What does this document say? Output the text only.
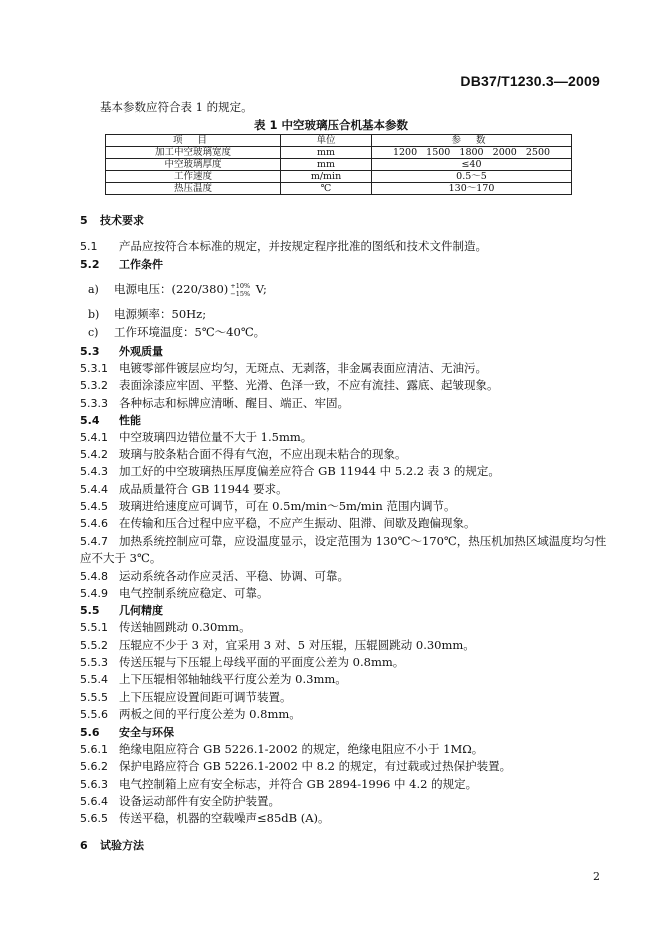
DB37/T1230.3—2009
基本参数应符合表 1 的规定。
表 1 中空玻璃压合机基本参数
项 目	单位	参 数
加工中空玻璃宽度	mm	1200   1500   1800   2000   2500
中空玻璃厚度	mm	≤40
工作速度	m/min	0.5～5
热压温度	℃	130～170
5 技术要求
5.1 产品应按符合本标准的规定，并按规定程序批准的图纸和技术文件制造。
5.2 工作条件
a) 电源电压：(220/380) +10%
−15% V;
b) 电源频率：50Hz;
c) 工作环境温度：5℃～40℃。
5.3 外观质量
5.3.1 电镀零部件镀层应均匀，无斑点、无剥落，非金属表面应清洁、无油污。
5.3.2 表面涂漆应牢固、平整、光滑、色泽一致，不应有流挂、露底、起皱现象。
5.3.3 各种标志和标牌应清晰、醒目、端正、牢固。
5.4 性能
5.4.1 中空玻璃四边错位量不大于 1.5mm。
5.4.2 玻璃与胶条粘合面不得有气泡，不应出现未粘合的现象。
5.4.3 加工好的中空玻璃热压厚度偏差应符合 GB 11944 中 5.2.2 表 3 的规定。
5.4.4 成品质量符合 GB 11944 要求。
5.4.5 玻璃进给速度应可调节，可在 0.5m/min～5m/min 范围内调节。
5.4.6 在传输和压合过程中应平稳，不应产生振动、阻滞、间歇及跑偏现象。
5.4.7 加热系统控制应可靠，应设温度显示，设定范围为 130℃～170℃，热压机加热区域温度均匀性
应不大于 3℃。
5.4.8 运动系统各动作应灵活、平稳、协调、可靠。
5.4.9 电气控制系统应稳定、可靠。
5.5 几何精度
5.5.1 传送轴圆跳动 0.30mm。
5.5.2 压辊应不少于 3 对，宜采用 3 对、5 对压辊，压辊圆跳动 0.30mm。
5.5.3 传送压辊与下压辊上母线平面的平面度公差为 0.8mm。
5.5.4 上下压辊相邻轴轴线平行度公差为 0.3mm。
5.5.5 上下压辊应设置间距可调节装置。
5.5.6 两板之间的平行度公差为 0.8mm。
5.6 安全与环保
5.6.1 绝缘电阻应符合 GB 5226.1-2002 的规定，绝缘电阻应不小于 1MΩ。
5.6.2 保护电路应符合 GB 5226.1-2002 中 8.2 的规定，有过载或过热保护装置。
5.6.3 电气控制箱上应有安全标志，并符合 GB 2894-1996 中 4.2 的规定。
5.6.4 设备运动部件有安全防护装置。
5.6.5 传送平稳，机器的空载噪声≤85dB (A)。
6 试验方法
2
